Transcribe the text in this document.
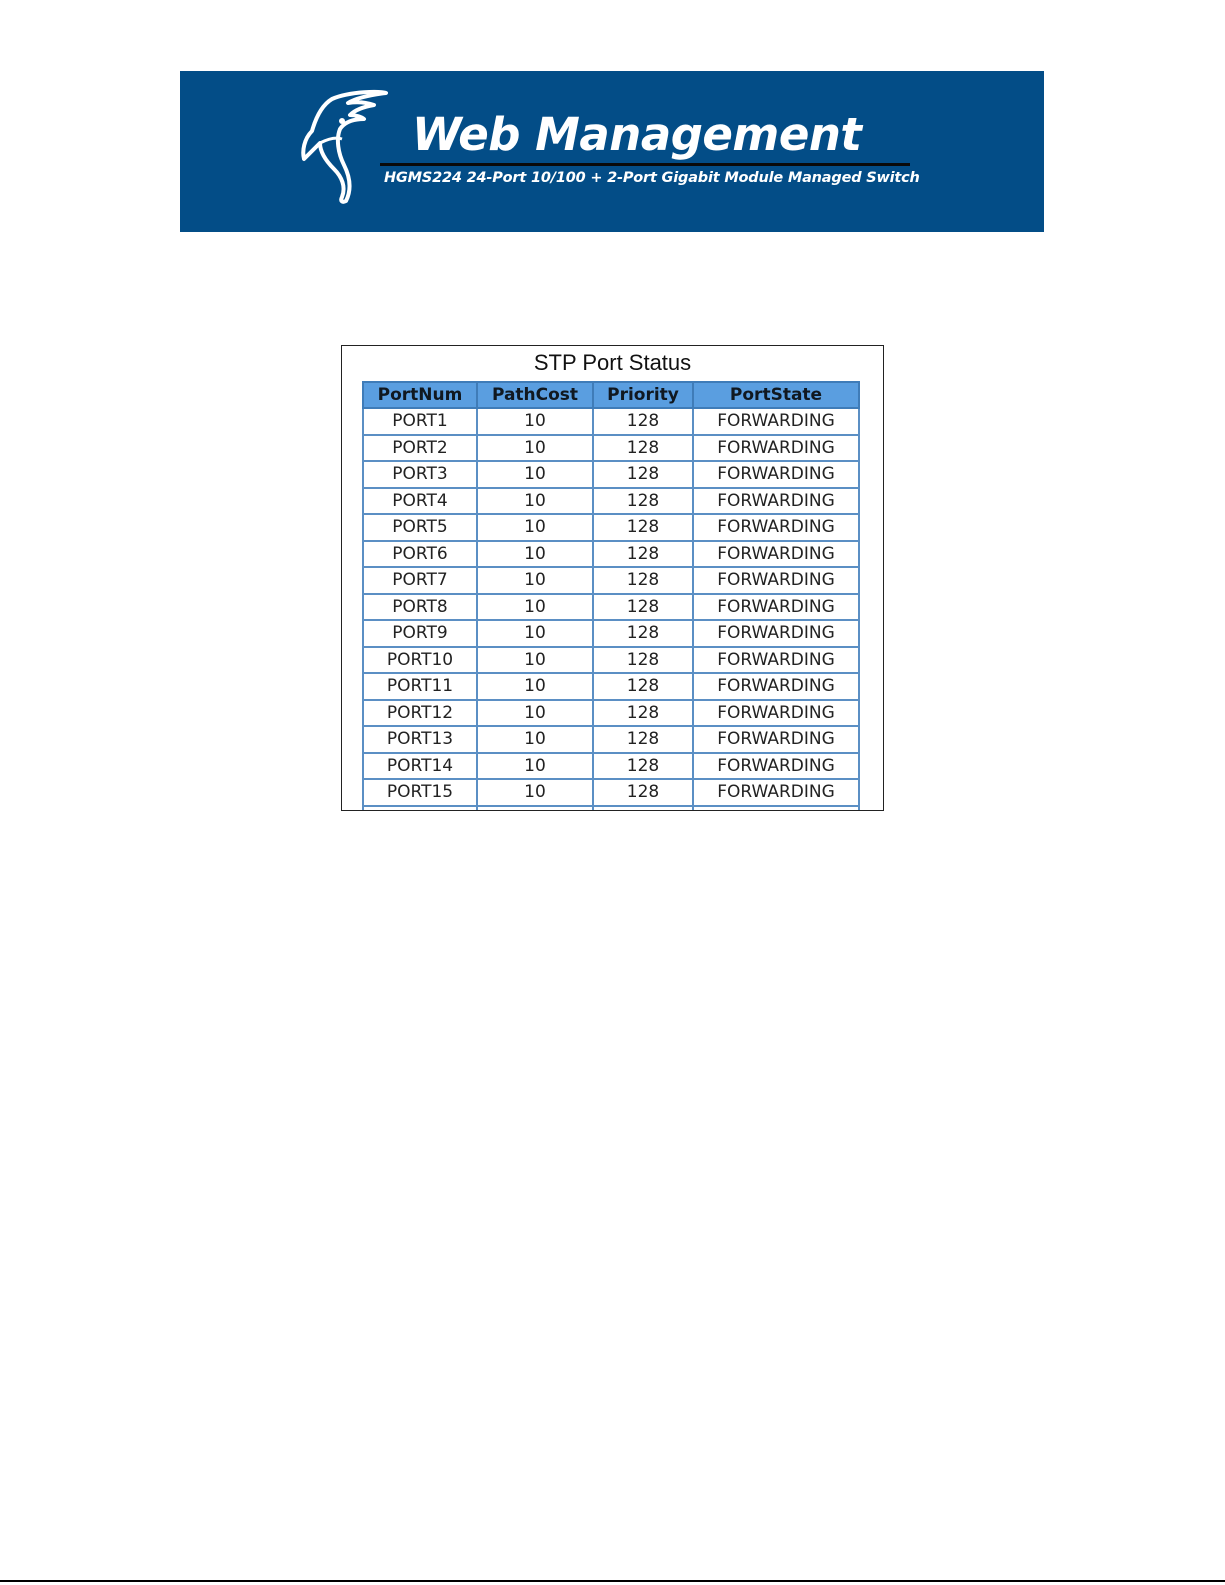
Web Management
HGMS224 24-Port 10/100 + 2-Port Gigabit Module Managed Switch
STP Port Status
PortNum	PathCost	Priority	PortState
PORT1	10	128	FORWARDING
PORT2	10	128	FORWARDING
PORT3	10	128	FORWARDING
PORT4	10	128	FORWARDING
PORT5	10	128	FORWARDING
PORT6	10	128	FORWARDING
PORT7	10	128	FORWARDING
PORT8	10	128	FORWARDING
PORT9	10	128	FORWARDING
PORT10	10	128	FORWARDING
PORT11	10	128	FORWARDING
PORT12	10	128	FORWARDING
PORT13	10	128	FORWARDING
PORT14	10	128	FORWARDING
PORT15	10	128	FORWARDING
